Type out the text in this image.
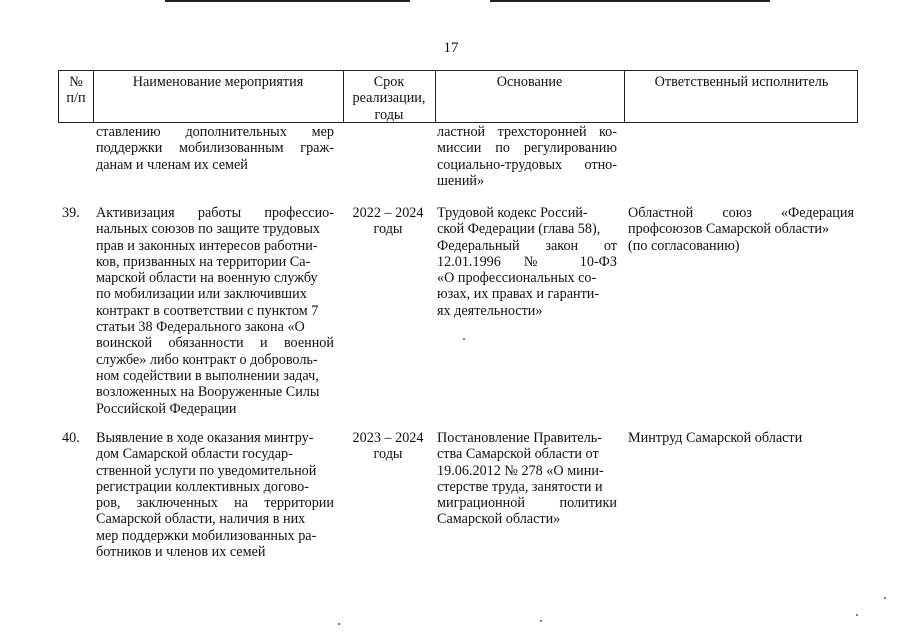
17
№
п/п
Наименование мероприятия	Срок
реализации,
годы
Основание	Ответственный исполнитель
ставлению дополнительных мер
поддержки мобилизованным граж-
данам и членам их семей
ластной трехсторонней ко-
миссии по регулированию
социально-трудовых отно-
шений»
39. Активизация работы профессио-
нальных союзов по защите трудовых
прав и законных интересов работни-
ков, призванных на территории Са-
марской области на военную службу
по мобилизации или заключивших
контракт в соответствии с пунктом 7
статьи 38 Федерального закона «О
воинской обязанности и военной
службе» либо контракт о доброволь-
ном содействии в выполнении задач,
возложенных на Вооруженные Силы
Российской Федерации
2022 – 2024
годы
Трудовой кодекс Россий-
ской Федерации (глава 58),
Федеральный закон от
12.01.1996 № 10-ФЗ
«О профессиональных со-
юзах, их правах и гаранти-
ях деятельности»
Областной союз «Федерация
профсоюзов Самарской области»
(по согласованию)
40. Выявление в ходе оказания минтру-
дом Самарской области государ-
ственной услуги по уведомительной
регистрации коллективных догово-
ров, заключенных на территории
Самарской области, наличия в них
мер поддержки мобилизованных ра-
ботников и членов их семей
2023 – 2024
годы
Постановление Правитель-
ства Самарской области от
19.06.2012 № 278 «О мини-
стерстве труда, занятости и
миграционной политики
Самарской области»
Минтруд Самарской области
